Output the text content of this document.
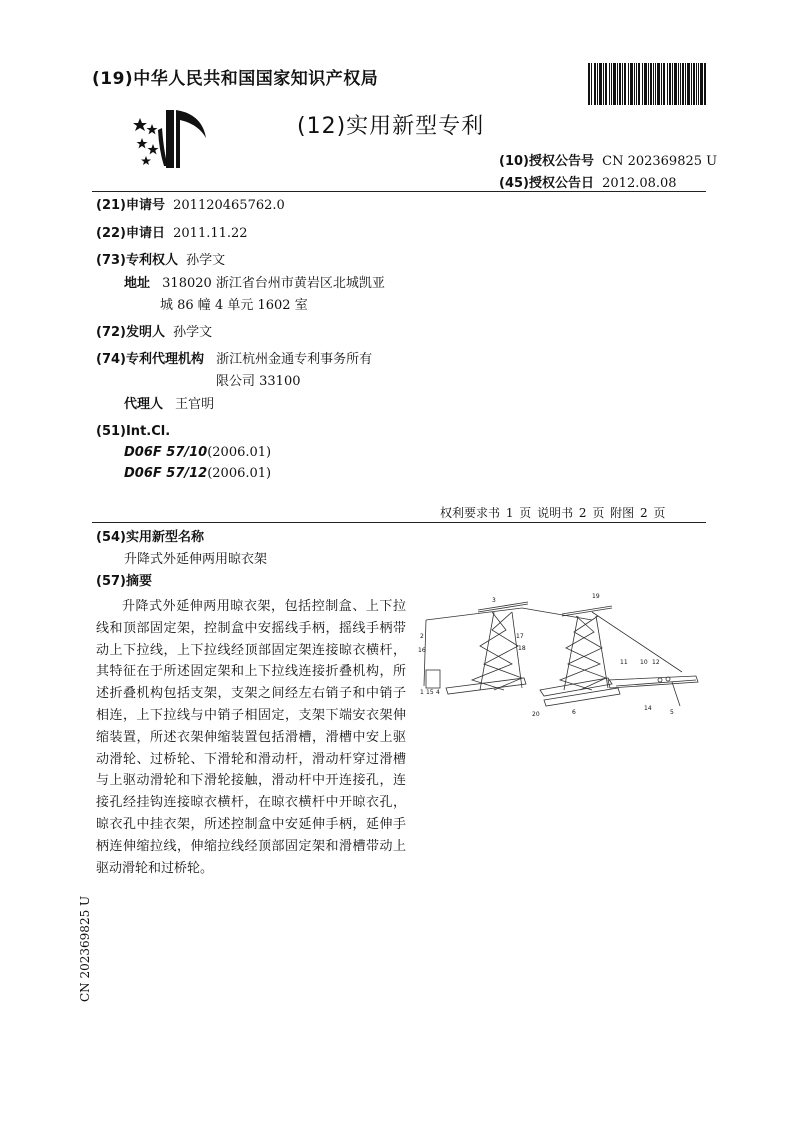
(19)中华人民共和国国家知识产权局
(12)实用新型专利
(10)授权公告号 CN 202369825 U
(45)授权公告日 2012.08.08
(21)申请号 201120465762.0
(22)申请日 2011.11.22
(73)专利权人 孙学文
地址 318020 浙江省台州市黄岩区北城凯亚
城 86 幢 4 单元 1602 室
(72)发明人 孙学文
(74)专利代理机构 浙江杭州金通专利事务所有
限公司 33100
代理人 王官明
(51)Int.Cl.
D06F 57/10(2006.01)
D06F 57/12(2006.01)
权利要求书 1 页 说明书 2 页 附图 2 页
(54)实用新型名称
升降式外延伸两用晾衣架
(57)摘要
升降式外延伸两用晾衣架，包括控制盒、上下拉线和顶部固定架，控制盒中安摇线手柄，摇线手柄带动上下拉线，上下拉线经顶部固定架连接晾衣横杆，其特征在于所述固定架和上下拉线连接折叠机构，所述折叠机构包括支架，支架之间经左右销子和中销子相连，上下拉线与中销子相固定，支架下端安衣架伸缩装置，所述衣架伸缩装置包括滑槽，滑槽中安上驱动滑轮、过桥轮、下滑轮和滑动杆，滑动杆穿过滑槽与上驱动滑轮和下滑轮接触，滑动杆中开连接孔，连接孔经挂钩连接晾衣横杆，在晾衣横杆中开晾衣孔，晾衣孔中挂衣架，所述控制盒中安延伸手柄，延伸手柄连伸缩拉线，伸缩拉线经顶部固定架和滑槽带动上驱动滑轮和过桥轮。
3
19
17
18
2
16
1 15 4
20	6
11 10 12
14
5
CN 202369825 U
